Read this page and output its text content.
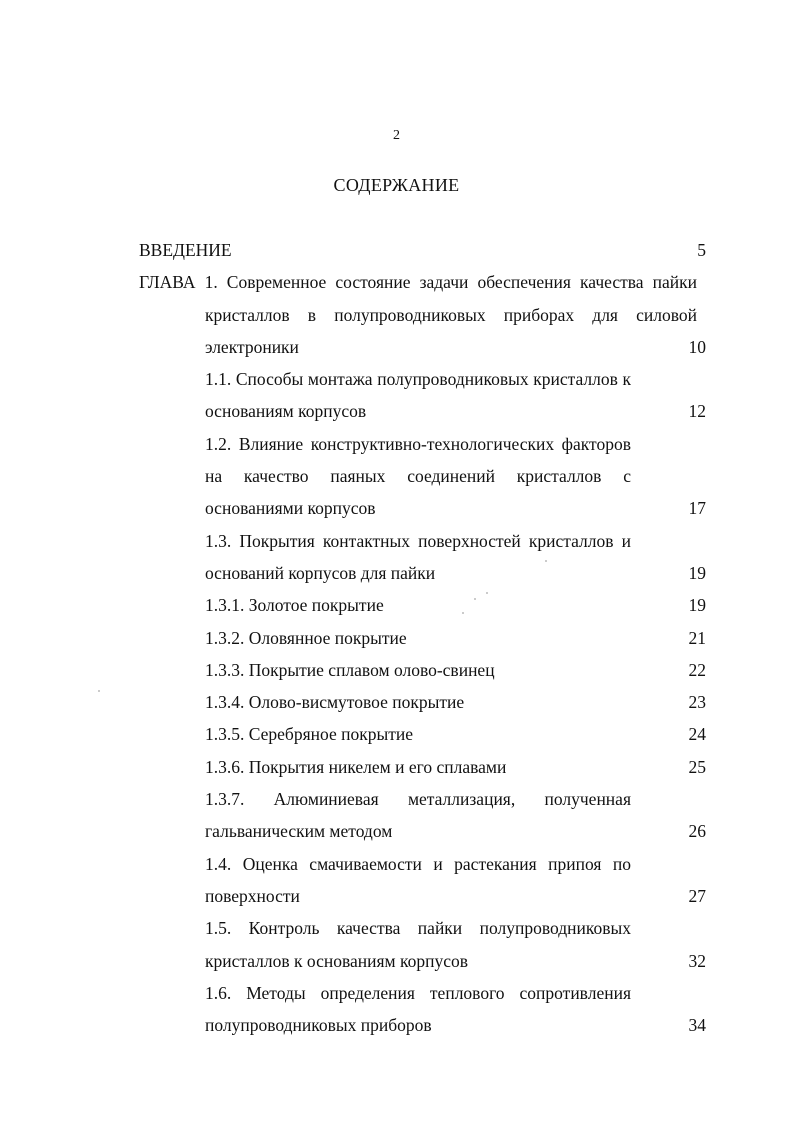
2
СОДЕРЖАНИЕ
ВВЕДЕНИЕ	5
ГЛАВА 1. Современное состояние задачи обеспечения качества пайки кристаллов в полупроводниковых приборах для силовой электроники	10
1.1. Способы монтажа полупроводниковых кристаллов к основаниям корпусов	12
1.2. Влияние конструктивно-технологических факторов на качество паяных соединений кристаллов с основаниями корпусов	17
1.3. Покрытия контактных поверхностей кристаллов и оснований корпусов для пайки	19
1.3.1. Золотое покрытие	19
1.3.2. Оловянное покрытие	21
1.3.3. Покрытие сплавом олово-свинец	22
1.3.4. Олово-висмутовое покрытие	23
1.3.5. Серебряное покрытие	24
1.3.6. Покрытия никелем и его сплавами	25
1.3.7. Алюминиевая металлизация, полученная
гальваническим методом	26
1.4. Оценка смачиваемости и растекания припоя по поверхности	27
1.5. Контроль качества пайки полупроводниковых кристаллов к основаниям корпусов	32
1.6. Методы определения теплового сопротивления полупроводниковых приборов	34
